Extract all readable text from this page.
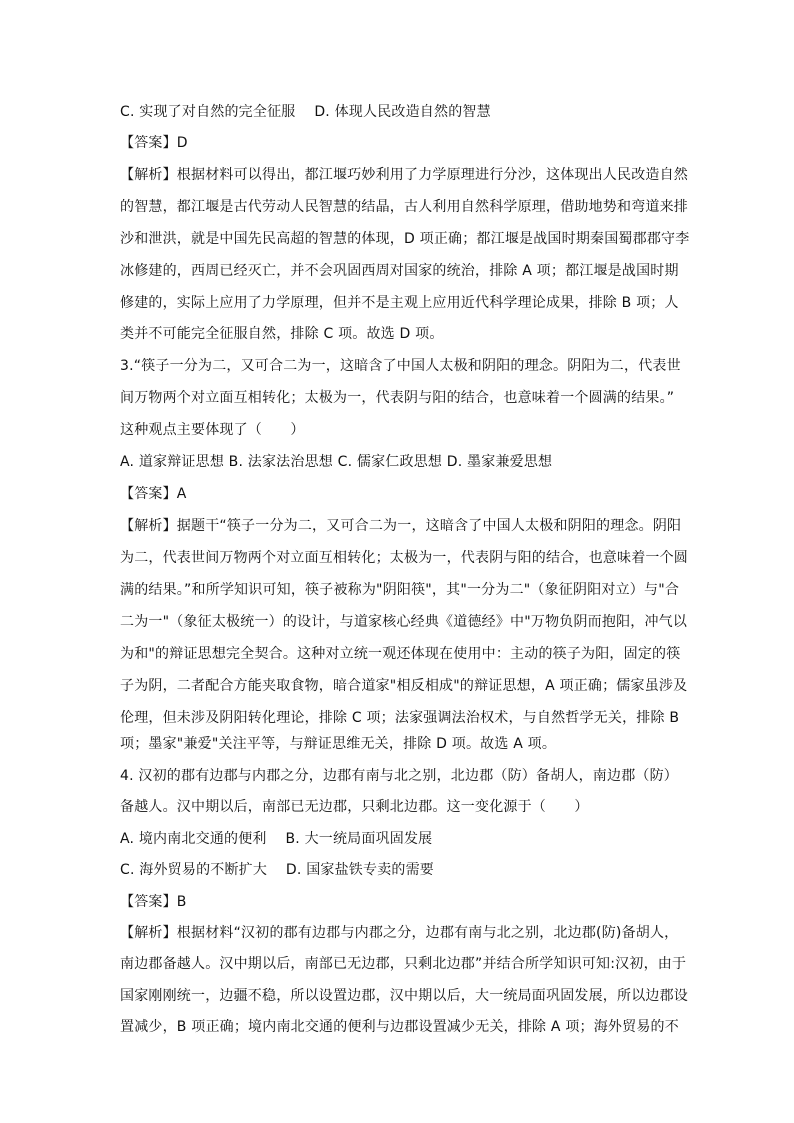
C. 实现了对自然的完全征服　 D. 体现人民改造自然的智慧
【答案】D
【解析】根据材料可以得出，都江堰巧妙利用了力学原理进行分沙，这体现出人民改造自然
的智慧，都江堰是古代劳动人民智慧的结晶，古人利用自然科学原理，借助地势和弯道来排
沙和泄洪，就是中国先民高超的智慧的体现，D 项正确；都江堰是战国时期秦国蜀郡郡守李
冰修建的，西周已经灭亡，并不会巩固西周对国家的统治，排除 A 项；都江堰是战国时期
修建的，实际上应用了力学原理，但并不是主观上应用近代科学理论成果，排除 B 项；人
类并不可能完全征服自然，排除 C 项。故选 D 项。
3.“筷子一分为二，又可合二为一，这暗含了中国人太极和阴阳的理念。阴阳为二，代表世
间万物两个对立面互相转化；太极为一，代表阴与阳的结合，也意味着一个圆满的结果。”
这种观点主要体现了（　　）
A. 道家辩证思想 B. 法家法治思想 C. 儒家仁政思想 D. 墨家兼爱思想
【答案】A
【解析】据题干“筷子一分为二，又可合二为一，这暗含了中国人太极和阴阳的理念。阴阳
为二，代表世间万物两个对立面互相转化；太极为一，代表阴与阳的结合，也意味着一个圆
满的结果。”和所学知识可知，筷子被称为"阴阳筷"，其"一分为二"（象征阴阳对立）与"合
二为一"（象征太极统一）的设计，与道家核心经典《道德经》中"万物负阴而抱阳，冲气以
为和"的辩证思想完全契合。这种对立统一观还体现在使用中：主动的筷子为阳，固定的筷
子为阴，二者配合方能夹取食物，暗合道家"相反相成"的辩证思想，A 项正确；儒家虽涉及
伦理，但未涉及阴阳转化理论，排除 C 项；法家强调法治权术，与自然哲学无关，排除 B
项；墨家"兼爱"关注平等，与辩证思维无关，排除 D 项。故选 A 项。
4. 汉初的郡有边郡与内郡之分，边郡有南与北之别，北边郡（防）备胡人，南边郡（防）
备越人。汉中期以后，南部已无边郡，只剩北边郡。这一变化源于（　　）
A. 境内南北交通的便利　 B. 大一统局面巩固发展
C. 海外贸易的不断扩大　 D. 国家盐铁专卖的需要
【答案】B
【解析】根据材料“汉初的郡有边郡与内郡之分，边郡有南与北之别，北边郡(防)备胡人，
南边郡备越人。汉中期以后，南部已无边郡，只剩北边郡”并结合所学知识可知:汉初，由于
国家刚刚统一，边疆不稳，所以设置边郡，汉中期以后，大一统局面巩固发展，所以边郡设
置减少，B 项正确；境内南北交通的便利与边郡设置减少无关，排除 A 项；海外贸易的不
